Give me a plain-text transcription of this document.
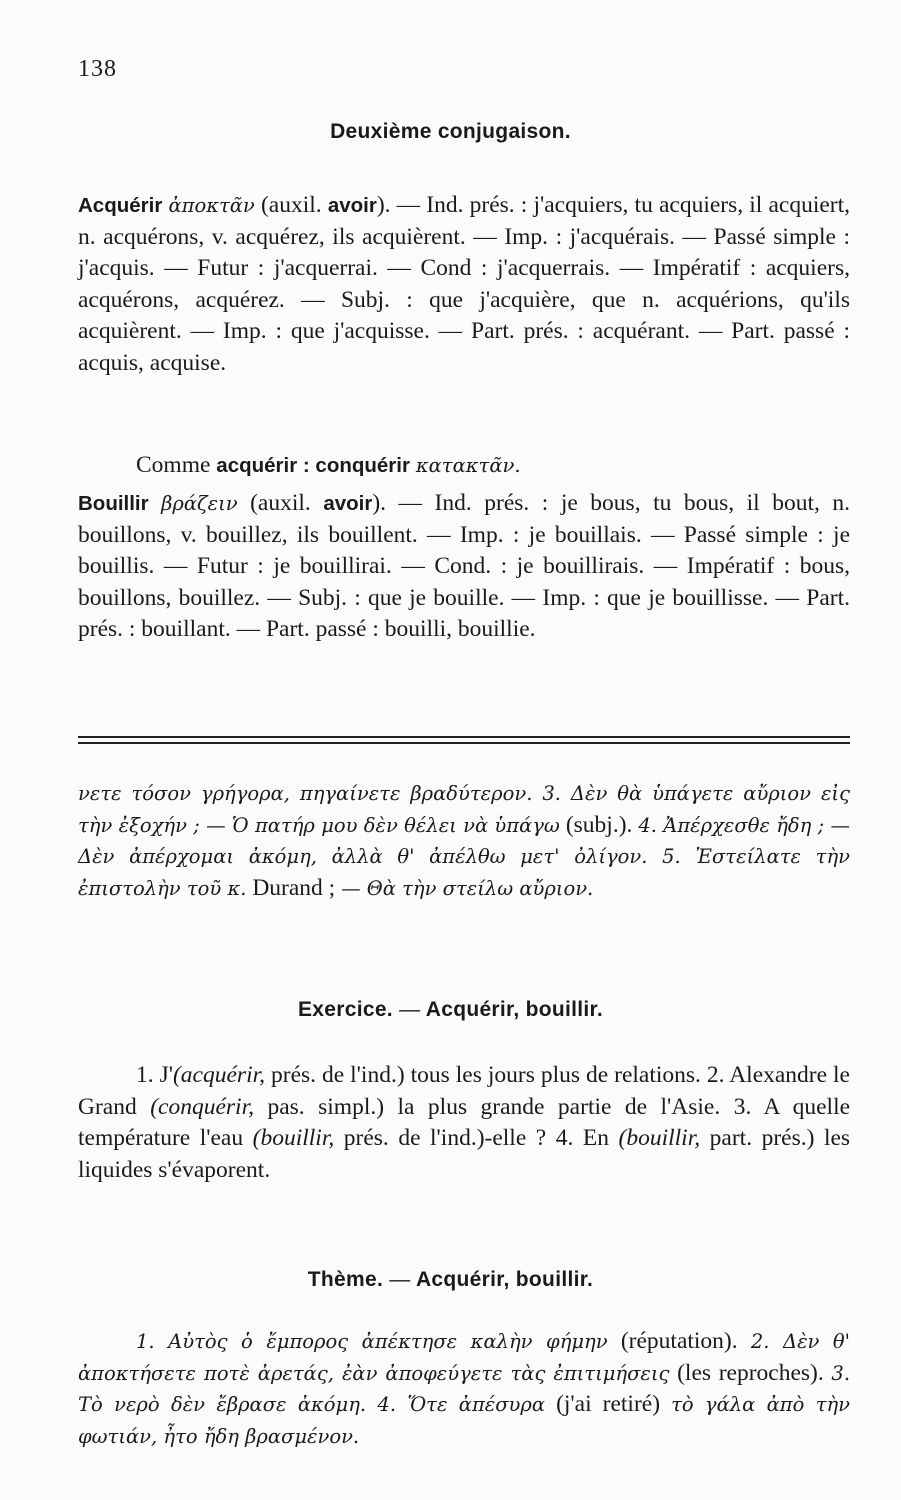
138
Deuxième conjugaison.
Acquérir ἀποκτᾶν (auxil. avoir). — Ind. prés. : j'acquiers, tu acquiers, il acquiert, n. acquérons, v. acquérez, ils acquièrent. — Imp. : j'acquérais. — Passé simple : j'acquis. — Futur : j'acquerrai. — Cond : j'acquerrais. — Impératif : acquiers, acquérons, acquérez. — Subj. : que j'acquière, que n. acquérions, qu'ils acquièrent. — Imp. : que j'acquisse. — Part. prés. : acquérant. — Part. passé : acquis, acquise.
Comme acquérir : conquérir κατακτᾶν.
Bouillir βράζειν (auxil. avoir). — Ind. prés. : je bous, tu bous, il bout, n. bouillons, v. bouillez, ils bouillent. — Imp. : je bouillais. — Passé simple : je bouillis. — Futur : je bouillirai. — Cond. : je bouillirais. — Impératif : bous, bouillons, bouillez. — Subj. : que je bouille. — Imp. : que je bouillisse. — Part. prés. : bouillant. — Part. passé : bouilli, bouillie.
νετε τόσον γρήγορα, πηγαίνετε βραδύτερον. 3. Δὲν θὰ ὑπάγετε αὔριον εἰς τὴν ἐξοχήν ; — Ὁ πατήρ μου δὲν θέλει νὰ ὑπάγω (subj.). 4. Ἀπέρχεσθε ἤδη ; — Δὲν ἀπέρχομαι ἀκόμη, ἀλλὰ θ' ἀπέλθω μετ' ὀλίγον. 5. Ἐστείλατε τὴν ἐπιστολὴν τοῦ κ. Durand ; — Θὰ τὴν στείλω αὔριον.
Exercice. — Acquérir, bouillir.
1. J'(acquérir, prés. de l'ind.) tous les jours plus de relations. 2. Alexandre le Grand (conquérir, pas. simpl.) la plus grande partie de l'Asie. 3. A quelle température l'eau (bouillir, prés. de l'ind.)-elle ? 4. En (bouillir, part. prés.) les liquides s'évaporent.
Thème. — Acquérir, bouillir.
1. Αὐτὸς ὁ ἔμπορος ἀπέκτησε καλὴν φήμην (réputation). 2. Δὲν θ' ἀποκτήσετε ποτὲ ἀρετάς, ἐὰν ἀποφεύγετε τὰς ἐπιτιμήσεις (les reproches). 3. Τὸ νερὸ δὲν ἔβρασε ἀκόμη. 4. Ὅτε ἀπέσυρα (j'ai retiré) τὸ γάλα ἀπὸ τὴν φωτιάν, ἦτο ἤδη βρασμένον.
